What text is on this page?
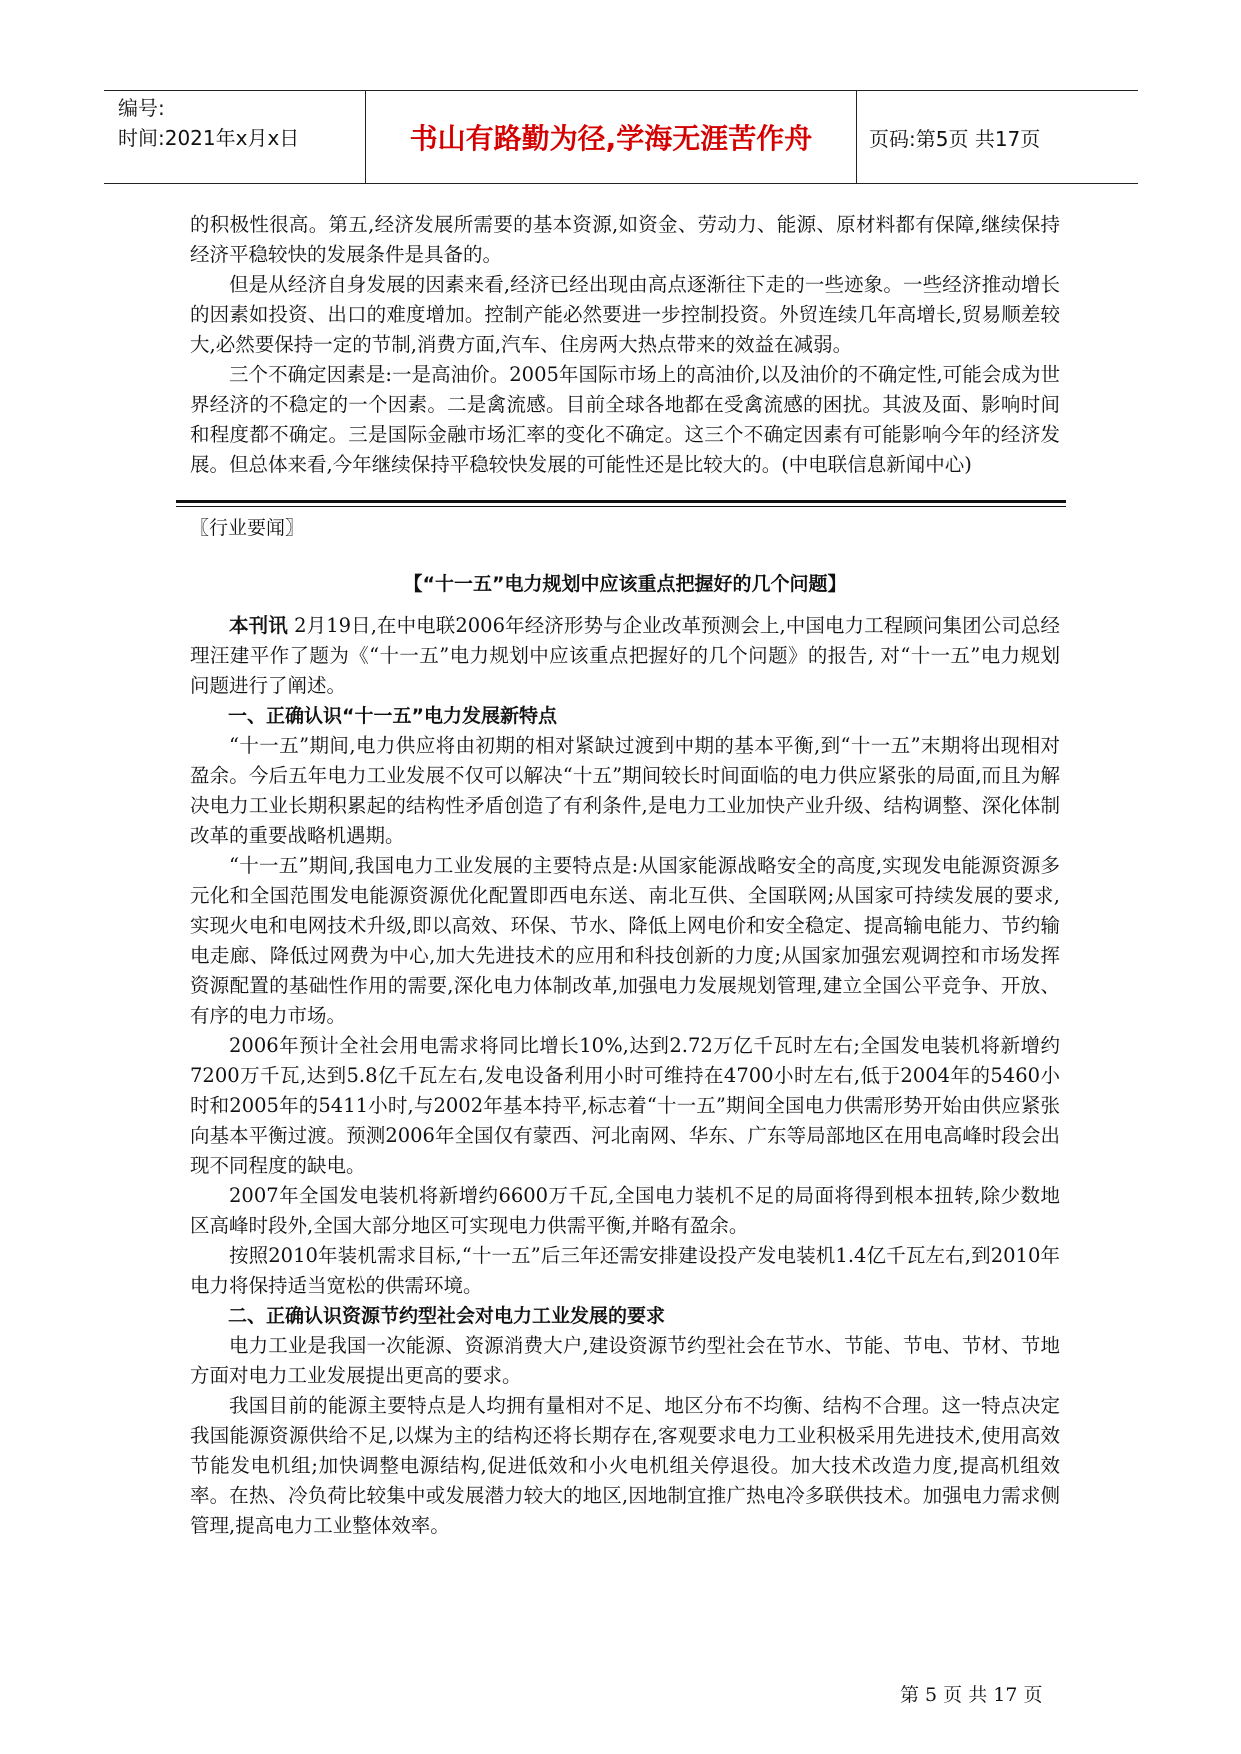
编号:
时间:2021年x月x日	书山有路勤为径,学海无涯苦作舟	页码:第5页 共17页

的积极性很高。第五,经济发展所需要的基本资源,如资金、劳动力、能源、原材料都有保障,继续保持经济平稳较快的发展条件是具备的。

但是从经济自身发展的因素来看,经济已经出现由高点逐渐往下走的一些迹象。一些经济推动增长的因素如投资、出口的难度增加。控制产能必然要进一步控制投资。外贸连续几年高增长,贸易顺差较大,必然要保持一定的节制,消费方面,汽车、住房两大热点带来的效益在减弱。

三个不确定因素是:一是高油价。2005年国际市场上的高油价,以及油价的不确定性,可能会成为世界经济的不稳定的一个因素。二是禽流感。目前全球各地都在受禽流感的困扰。其波及面、影响时间和程度都不确定。三是国际金融市场汇率的变化不确定。这三个不确定因素有可能影响今年的经济发展。但总体来看,今年继续保持平稳较快发展的可能性还是比较大的。(中电联信息新闻中心)

〖行业要闻〗

【“十一五”电力规划中应该重点把握好的几个问题】

本刊讯 2月19日,在中电联2006年经济形势与企业改革预测会上,中国电力工程顾问集团公司总经理汪建平作了题为《“十一五”电力规划中应该重点把握好的几个问题》的报告, 对“十一五”电力规划问题进行了阐述。

一、正确认识“十一五”电力发展新特点

“十一五”期间,电力供应将由初期的相对紧缺过渡到中期的基本平衡,到“十一五”末期将出现相对盈余。今后五年电力工业发展不仅可以解决“十五”期间较长时间面临的电力供应紧张的局面,而且为解决电力工业长期积累起的结构性矛盾创造了有利条件,是电力工业加快产业升级、结构调整、深化体制改革的重要战略机遇期。

“十一五”期间,我国电力工业发展的主要特点是:从国家能源战略安全的高度,实现发电能源资源多元化和全国范围发电能源资源优化配置即西电东送、南北互供、全国联网;从国家可持续发展的要求,实现火电和电网技术升级,即以高效、环保、节水、降低上网电价和安全稳定、提高输电能力、节约输电走廊、降低过网费为中心,加大先进技术的应用和科技创新的力度;从国家加强宏观调控和市场发挥资源配置的基础性作用的需要,深化电力体制改革,加强电力发展规划管理,建立全国公平竞争、开放、有序的电力市场。

2006年预计全社会用电需求将同比增长10%,达到2.72万亿千瓦时左右;全国发电装机将新增约7200万千瓦,达到5.8亿千瓦左右,发电设备利用小时可维持在4700小时左右,低于2004年的5460小时和2005年的5411小时,与2002年基本持平,标志着“十一五”期间全国电力供需形势开始由供应紧张向基本平衡过渡。预测2006年全国仅有蒙西、河北南网、华东、广东等局部地区在用电高峰时段会出现不同程度的缺电。

2007年全国发电装机将新增约6600万千瓦,全国电力装机不足的局面将得到根本扭转,除少数地区高峰时段外,全国大部分地区可实现电力供需平衡,并略有盈余。

按照2010年装机需求目标,“十一五”后三年还需安排建设投产发电装机1.4亿千瓦左右,到2010年电力将保持适当宽松的供需环境。

二、正确认识资源节约型社会对电力工业发展的要求

电力工业是我国一次能源、资源消费大户,建设资源节约型社会在节水、节能、节电、节材、节地方面对电力工业发展提出更高的要求。

我国目前的能源主要特点是人均拥有量相对不足、地区分布不均衡、结构不合理。这一特点决定我国能源资源供给不足,以煤为主的结构还将长期存在,客观要求电力工业积极采用先进技术,使用高效节能发电机组;加快调整电源结构,促进低效和小火电机组关停退役。加大技术改造力度,提高机组效率。在热、冷负荷比较集中或发展潜力较大的地区,因地制宜推广热电冷多联供技术。加强电力需求侧管理,提高电力工业整体效率。

第 5 页 共 17 页
